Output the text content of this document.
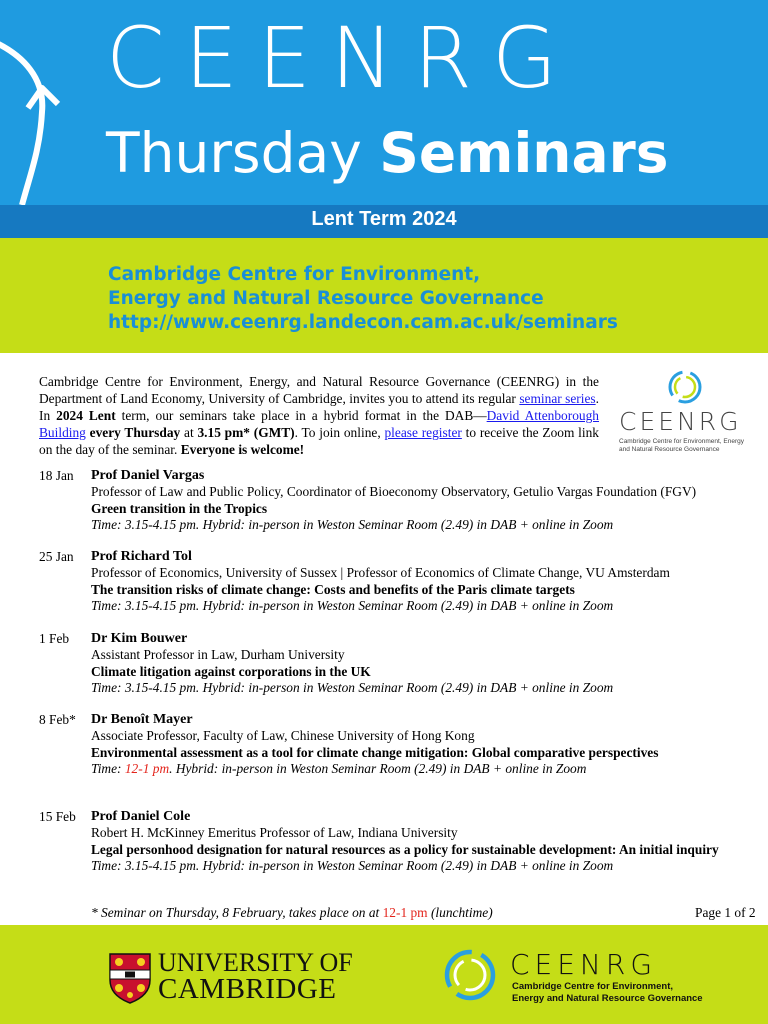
CEENRG
Thursday Seminars
Lent Term 2024
Cambridge Centre for Environment,
Energy and Natural Resource Governance
http://www.ceenrg.landecon.cam.ac.uk/seminars
Cambridge Centre for Environment, Energy, and Natural Resource Governance (CEENRG) in the Department of Land Economy, University of Cambridge, invites you to attend its regular seminar series. In 2024 Lent term, our seminars take place in a hybrid format in the DAB—David Attenborough Building every Thursday at 3.15 pm* (GMT). To join online, please register to receive the Zoom link on the day of the seminar. Everyone is welcome!
CEENRG
Cambridge Centre for Environment, Energy and Natural Resource Governance
18 Jan	Prof Daniel Vargas
Professor of Law and Public Policy, Coordinator of Bioeconomy Observatory, Getulio Vargas Foundation (FGV)
Green transition in the Tropics
Time: 3.15-4.15 pm. Hybrid: in-person in Weston Seminar Room (2.49) in DAB + online in Zoom
25 Jan	Prof Richard Tol
Professor of Economics, University of Sussex | Professor of Economics of Climate Change, VU Amsterdam
The transition risks of climate change: Costs and benefits of the Paris climate targets
Time: 3.15-4.15 pm. Hybrid: in-person in Weston Seminar Room (2.49) in DAB + online in Zoom
1 Feb	Dr Kim Bouwer
Assistant Professor in Law, Durham University
Climate litigation against corporations in the UK
Time: 3.15-4.15 pm. Hybrid: in-person in Weston Seminar Room (2.49) in DAB + online in Zoom
8 Feb*	Dr Benoît Mayer
Associate Professor, Faculty of Law, Chinese University of Hong Kong
Environmental assessment as a tool for climate change mitigation: Global comparative perspectives
Time: 12-1 pm. Hybrid: in-person in Weston Seminar Room (2.49) in DAB + online in Zoom
15 Feb	Prof Daniel Cole
Robert H. McKinney Emeritus Professor of Law, Indiana University
Legal personhood designation for natural resources as a policy for sustainable development: An initial inquiry
Time: 3.15-4.15 pm. Hybrid: in-person in Weston Seminar Room (2.49) in DAB + online in Zoom
* Seminar on Thursday, 8 February, takes place on at 12-1 pm (lunchtime)	Page 1 of 2
UNIVERSITY OF
CAMBRIDGE
CEENRG
Cambridge Centre for Environment,
Energy and Natural Resource Governance
